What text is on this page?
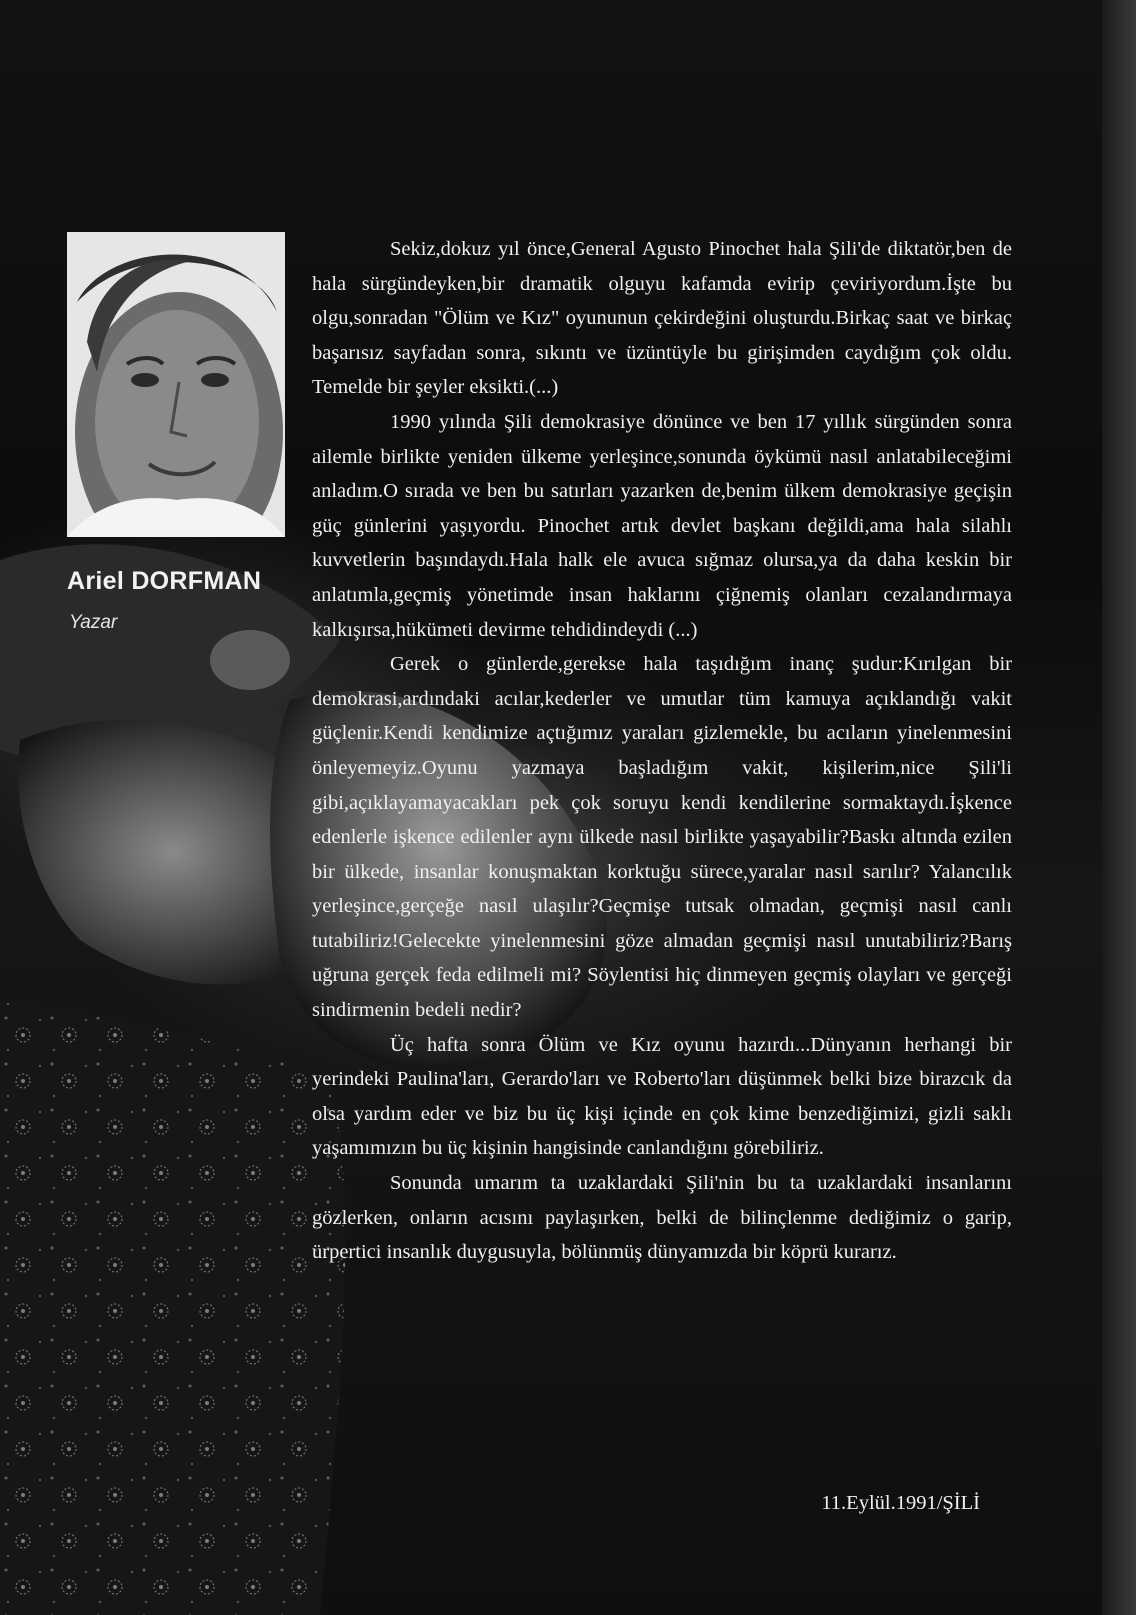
Ariel DORFMAN
Yazar

Sekiz,dokuz yıl önce,General Agusto Pinochet hala Şili'de diktatör,ben de hala sürgündeyken,bir dramatik olguyu kafamda evirip çeviriyordum.İşte bu olgu,sonradan "Ölüm ve Kız" oyununun çekirdeğini oluşturdu.Birkaç saat ve birkaç başarısız sayfadan sonra, sıkıntı ve üzüntüyle bu girişimden caydığım çok oldu. Temelde bir şeyler eksikti.(...)

1990 yılında Şili demokrasiye dönünce ve ben 17 yıllık sürgünden sonra ailemle birlikte yeniden ülkeme yerleşince,sonunda öykümü nasıl anlatabileceğimi anladım.O sırada ve ben bu satırları yazarken de,benim ülkem demokrasiye geçişin güç günlerini yaşıyordu. Pinochet artık devlet başkanı değildi,ama hala silahlı kuvvetlerin başındaydı.Hala halk ele avuca sığmaz olursa,ya da daha keskin bir anlatımla,geçmiş yönetimde insan haklarını çiğnemiş olanları cezalandırmaya kalkışırsa,hükümeti devirme tehdidindeydi (...)

Gerek o günlerde,gerekse hala taşıdığım inanç şudur:Kırılgan bir demokrasi,ardındaki acılar,kederler ve umutlar tüm kamuya açıklandığı vakit güçlenir.Kendi kendimize açtığımız yaraları gizlemekle, bu acıların yinelenmesini önleyemeyiz.Oyunu yazmaya başladığım vakit, kişilerim,nice Şili'li gibi,açıklayamayacakları pek çok soruyu kendi kendilerine sormaktaydı.İşkence edenlerle işkence edilenler aynı ülkede nasıl birlikte yaşayabilir?Baskı altında ezilen bir ülkede, insanlar konuşmaktan korktuğu sürece,yaralar nasıl sarılır? Yalancılık yerleşince,gerçeğe nasıl ulaşılır?Geçmişe tutsak olmadan, geçmişi nasıl canlı tutabiliriz!Gelecekte yinelenmesini göze almadan geçmişi nasıl unutabiliriz?Barış uğruna gerçek feda edilmeli mi? Söylentisi hiç dinmeyen geçmiş olayları ve gerçeği sindirmenin bedeli nedir?

Üç hafta sonra Ölüm ve Kız oyunu hazırdı...Dünyanın herhangi bir yerindeki Paulina'ları, Gerardo'ları ve Roberto'ları düşünmek belki bize birazcık da olsa yardım eder ve biz bu üç kişi içinde en çok kime benzediğimizi, gizli saklı yaşamımızın bu üç kişinin hangisinde canlandığını görebiliriz.

Sonunda umarım ta uzaklardaki Şili'nin bu ta uzaklardaki insanlarını gözlerken, onların acısını paylaşırken, belki de bilinçlenme dediğimiz o garip, ürpertici insanlık duygusuyla, bölünmüş dünyamızda bir köprü kurarız.

11.Eylül.1991/ŞİLİ
